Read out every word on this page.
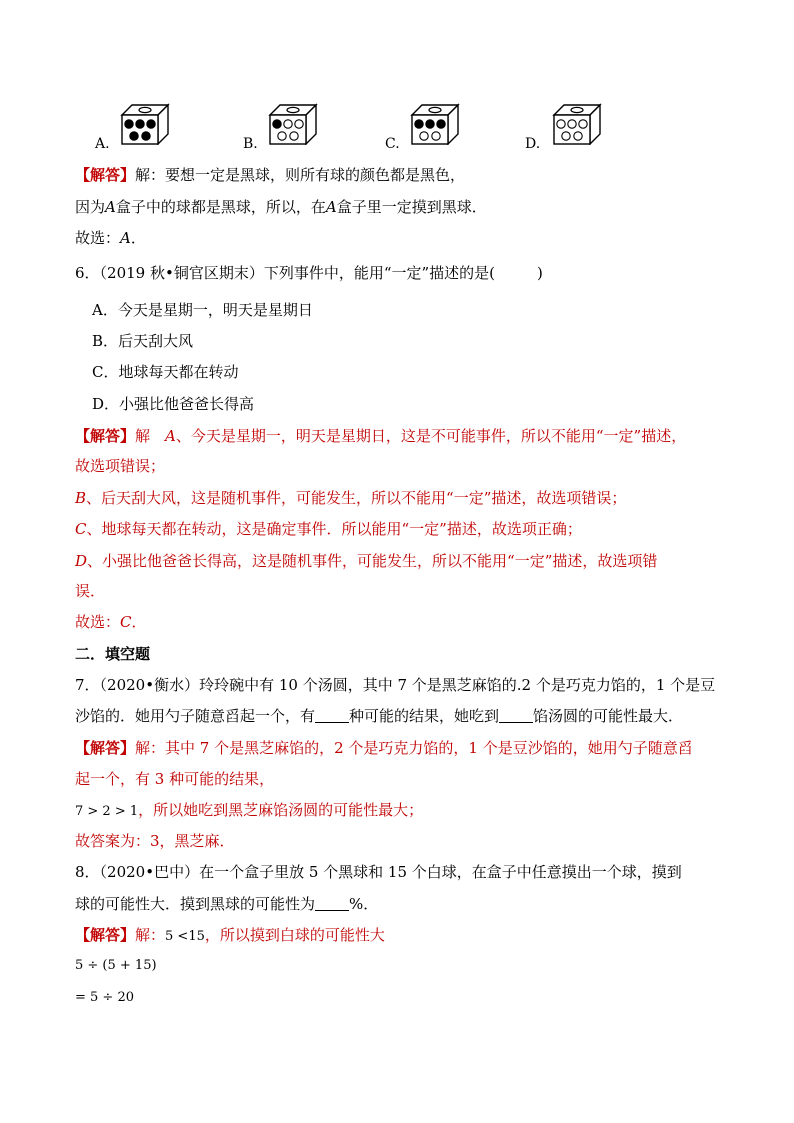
A.	B.	C.	D.
【解答】解：要想一定是黑球，则所有球的颜色都是黑色，
因为A盒子中的球都是黑球，所以，在A盒子里一定摸到黑球．
故选：A．
6．（2019 秋•铜官区期末）下列事件中，能用“一定”描述的是(	)
A．今天是星期一，明天是星期日
B．后天刮大风
C．地球每天都在转动
D．小强比他爸爸长得高
【解答】解　A、今天是星期一，明天是星期日，这是不可能事件，所以不能用“一定”描述，
故选项错误；
B、后天刮大风，这是随机事件，可能发生，所以不能用“一定”描述，故选项错误；
C、地球每天都在转动，这是确定事件．所以能用“一定”描述，故选项正确；
D、小强比他爸爸长得高，这是随机事件，可能发生，所以不能用“一定”描述，故选项错
误．
故选：C．
二．填空题
7．（2020•衡水）玲玲碗中有 10 个汤圆，其中 7 个是黑芝麻馅的.2 个是巧克力馅的，1 个是豆
沙馅的．她用勺子随意舀起一个，有 种可能的结果，她吃到 馅汤圆的可能性最大．
【解答】解：其中 7 个是黑芝麻馅的，2 个是巧克力馅的，1 个是豆沙馅的，她用勺子随意舀
起一个，有 3 种可能的结果，
7 > 2 > 1，所以她吃到黑芝麻馅汤圆的可能性最大；
故答案为：3，黑芝麻．
8．（2020•巴中）在一个盒子里放 5 个黑球和 15 个白球，在盒子中任意摸出一个球，摸到
球的可能性大．摸到黑球的可能性为 %．
【解答】解：5 <15，所以摸到白球的可能性大
5 ÷ (5 + 15)
= 5 ÷ 20
